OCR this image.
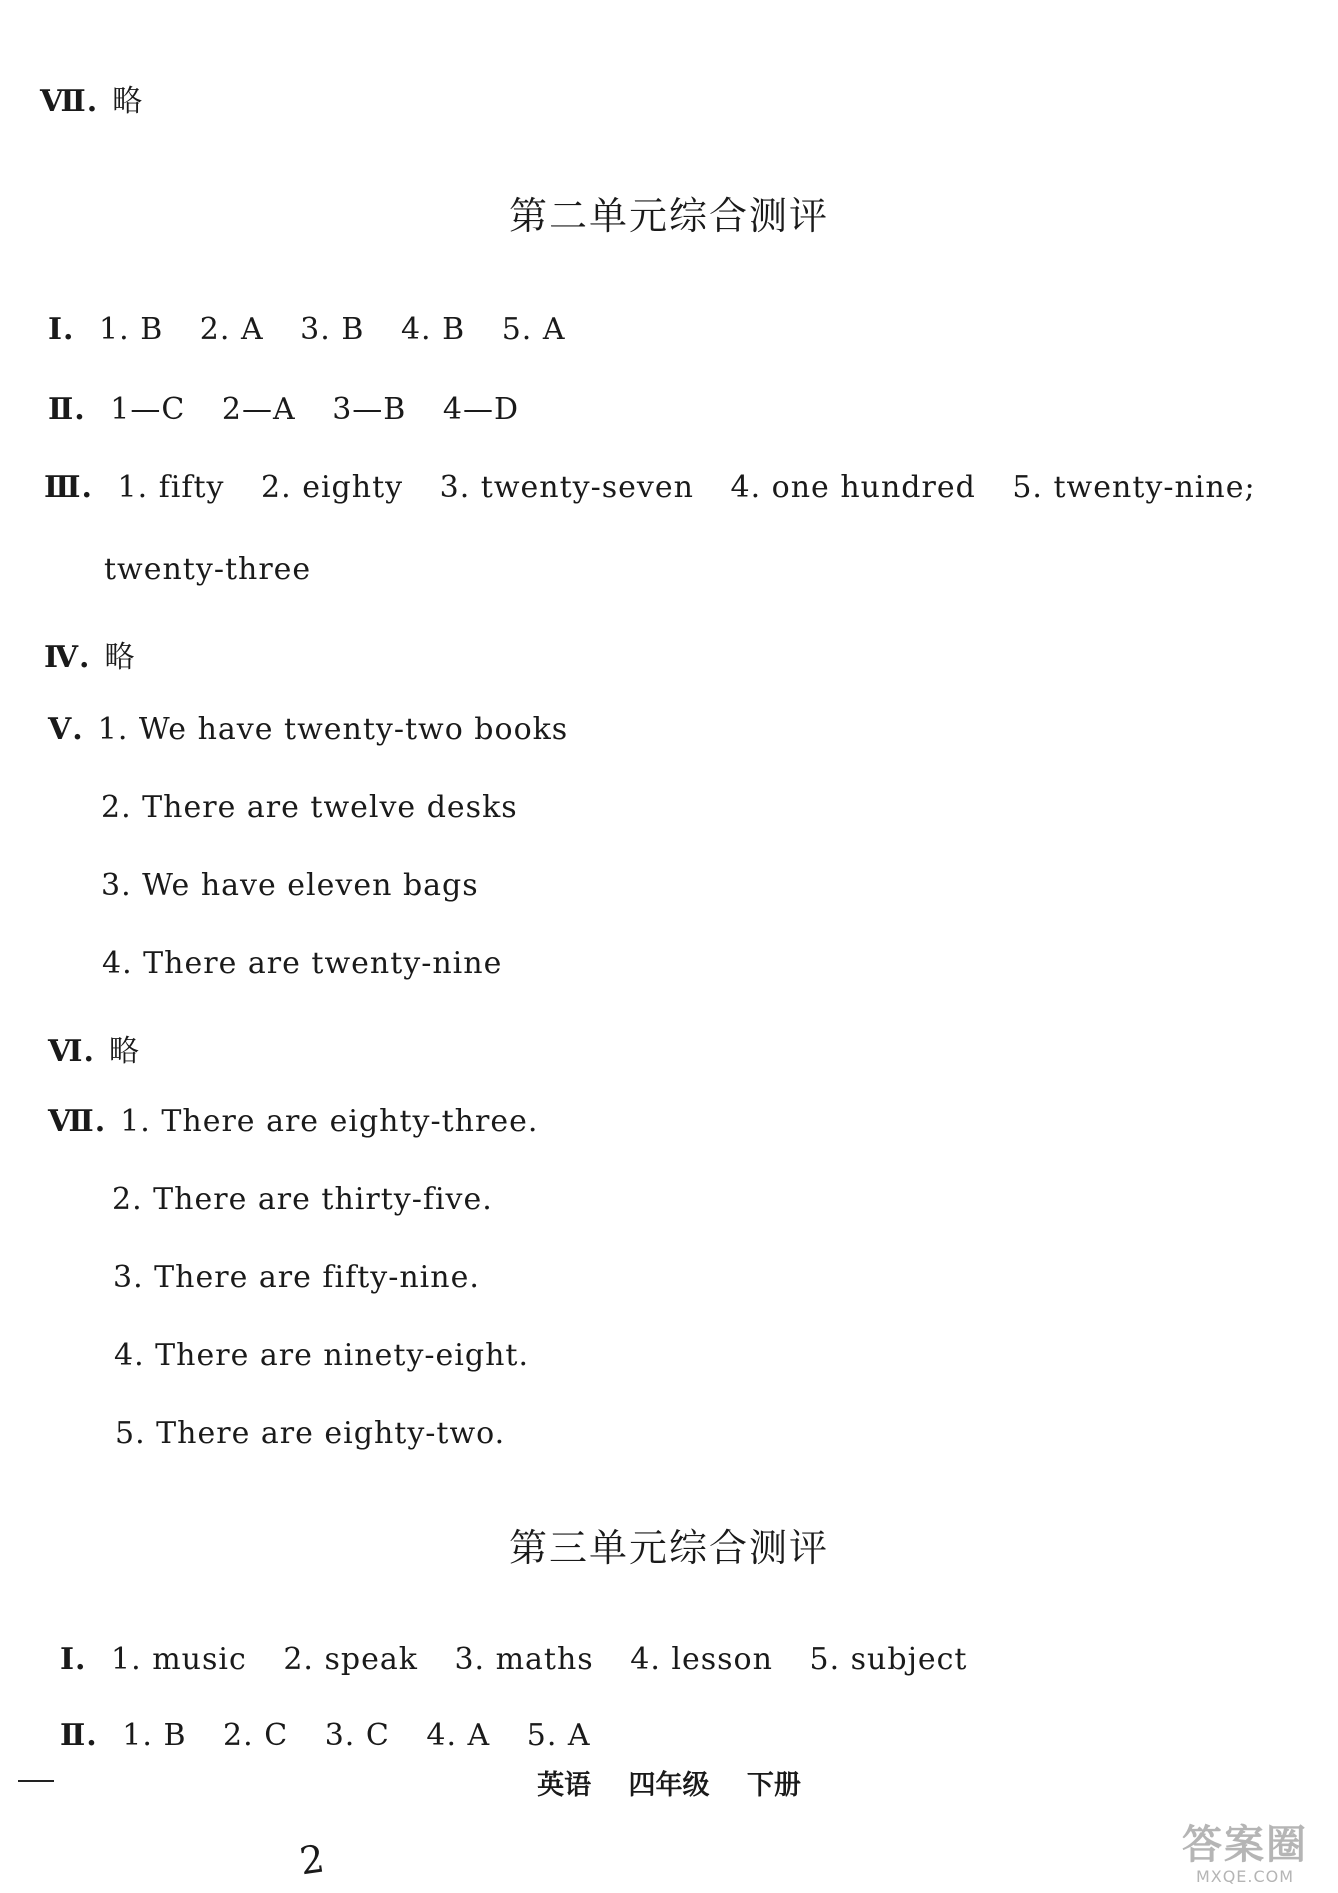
Ⅶ. 略
第二单元综合测评
Ⅰ. 1. B 2. A 3. B 4. B 5. A
Ⅱ. 1—C 2—A 3—B 4—D
Ⅲ. 1. fifty 2. eighty 3. twenty-seven 4. one hundred 5. twenty-nine;
twenty-three
Ⅳ. 略
Ⅴ. 1. We have twenty-two books
2. There are twelve desks
3. We have eleven bags
4. There are twenty-nine
Ⅵ. 略
Ⅶ. 1. There are eighty-three.
2. There are thirty-five.
3. There are fifty-nine.
4. There are ninety-eight.
5. There are eighty-two.
第三单元综合测评
Ⅰ. 1. music 2. speak 3. maths 4. lesson 5. subject
Ⅱ. 1. B 2. C 3. C 4. A 5. A
英语 四年级 下册
2	答案圈
MXQE.COM
